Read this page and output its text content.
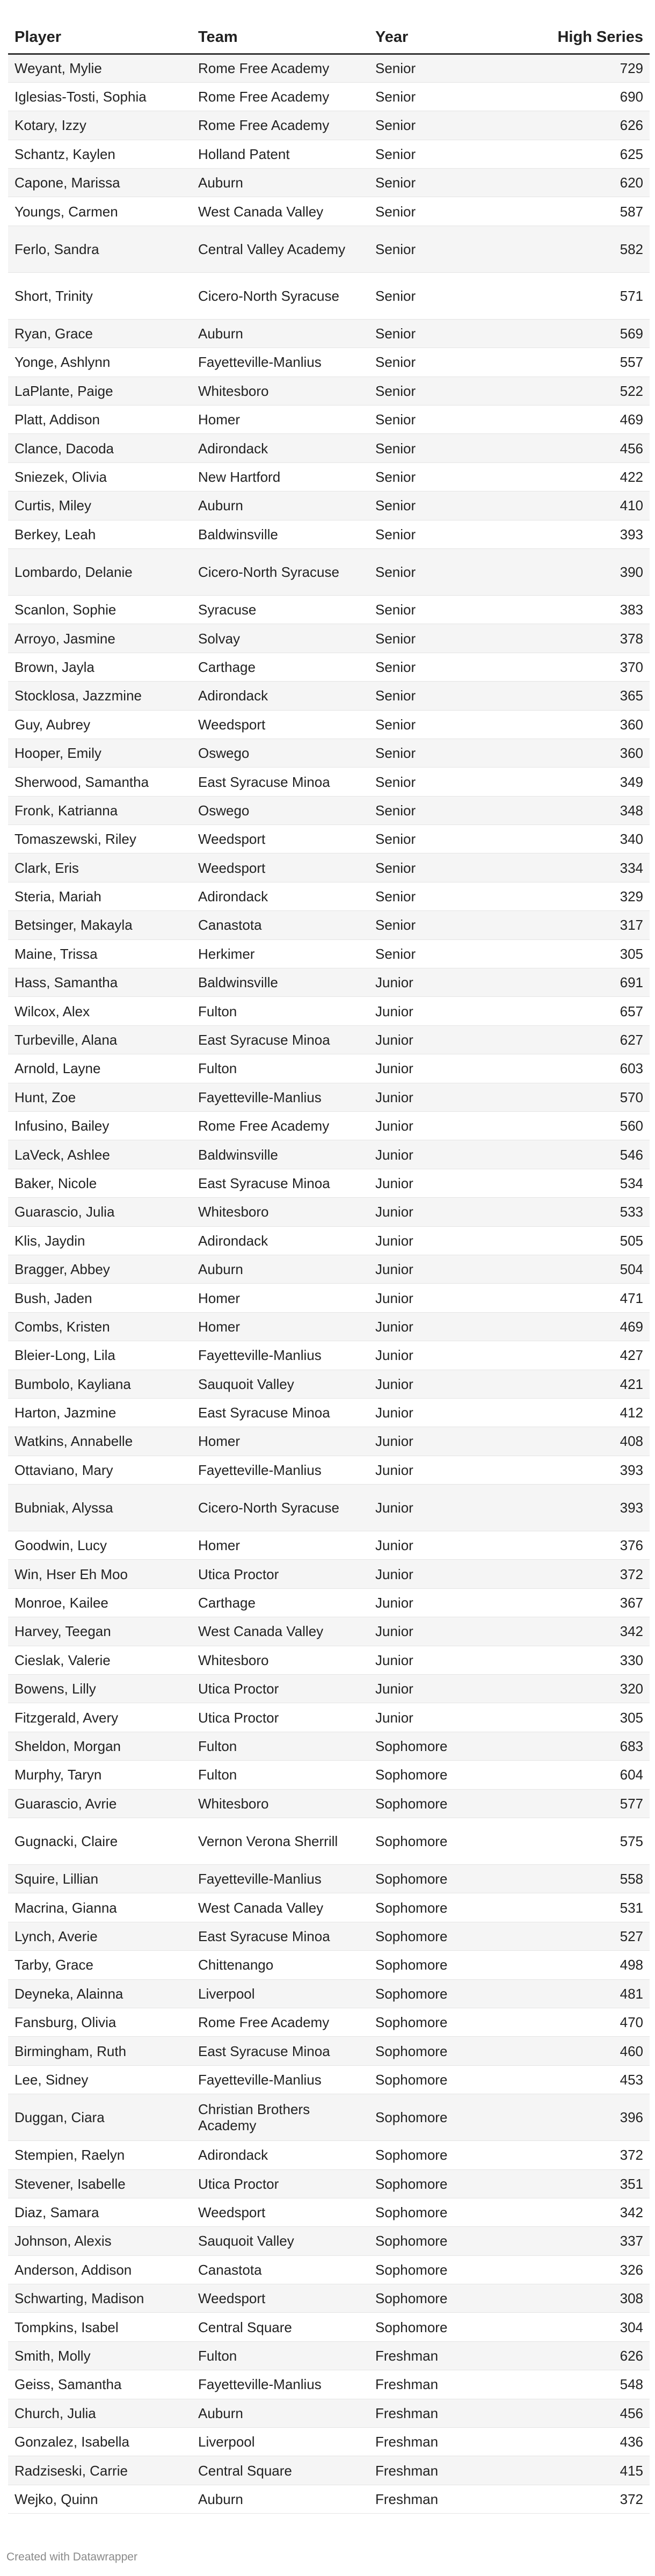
Player	Team	Year	High Series
Weyant, Mylie	Rome Free Academy	Senior	729
Iglesias-Tosti, Sophia	Rome Free Academy	Senior	690
Kotary, Izzy	Rome Free Academy	Senior	626
Schantz, Kaylen	Holland Patent	Senior	625
Capone, Marissa	Auburn	Senior	620
Youngs, Carmen	West Canada Valley	Senior	587
Ferlo, Sandra	Central Valley Academy	Senior	582
Short, Trinity	Cicero-North Syracuse	Senior	571
Ryan, Grace	Auburn	Senior	569
Yonge, Ashlynn	Fayetteville-Manlius	Senior	557
LaPlante, Paige	Whitesboro	Senior	522
Platt, Addison	Homer	Senior	469
Clance, Dacoda	Adirondack	Senior	456
Sniezek, Olivia	New Hartford	Senior	422
Curtis, Miley	Auburn	Senior	410
Berkey, Leah	Baldwinsville	Senior	393
Lombardo, Delanie	Cicero-North Syracuse	Senior	390
Scanlon, Sophie	Syracuse	Senior	383
Arroyo, Jasmine	Solvay	Senior	378
Brown, Jayla	Carthage	Senior	370
Stocklosa, Jazzmine	Adirondack	Senior	365
Guy, Aubrey	Weedsport	Senior	360
Hooper, Emily	Oswego	Senior	360
Sherwood, Samantha	East Syracuse Minoa	Senior	349
Fronk, Katrianna	Oswego	Senior	348
Tomaszewski, Riley	Weedsport	Senior	340
Clark, Eris	Weedsport	Senior	334
Steria, Mariah	Adirondack	Senior	329
Betsinger, Makayla	Canastota	Senior	317
Maine, Trissa	Herkimer	Senior	305
Hass, Samantha	Baldwinsville	Junior	691
Wilcox, Alex	Fulton	Junior	657
Turbeville, Alana	East Syracuse Minoa	Junior	627
Arnold, Layne	Fulton	Junior	603
Hunt, Zoe	Fayetteville-Manlius	Junior	570
Infusino, Bailey	Rome Free Academy	Junior	560
LaVeck, Ashlee	Baldwinsville	Junior	546
Baker, Nicole	East Syracuse Minoa	Junior	534
Guarascio, Julia	Whitesboro	Junior	533
Klis, Jaydin	Adirondack	Junior	505
Bragger, Abbey	Auburn	Junior	504
Bush, Jaden	Homer	Junior	471
Combs, Kristen	Homer	Junior	469
Bleier-Long, Lila	Fayetteville-Manlius	Junior	427
Bumbolo, Kayliana	Sauquoit Valley	Junior	421
Harton, Jazmine	East Syracuse Minoa	Junior	412
Watkins, Annabelle	Homer	Junior	408
Ottaviano, Mary	Fayetteville-Manlius	Junior	393
Bubniak, Alyssa	Cicero-North Syracuse	Junior	393
Goodwin, Lucy	Homer	Junior	376
Win, Hser Eh Moo	Utica Proctor	Junior	372
Monroe, Kailee	Carthage	Junior	367
Harvey, Teegan	West Canada Valley	Junior	342
Cieslak, Valerie	Whitesboro	Junior	330
Bowens, Lilly	Utica Proctor	Junior	320
Fitzgerald, Avery	Utica Proctor	Junior	305
Sheldon, Morgan	Fulton	Sophomore	683
Murphy, Taryn	Fulton	Sophomore	604
Guarascio, Avrie	Whitesboro	Sophomore	577
Gugnacki, Claire	Vernon Verona Sherrill	Sophomore	575
Squire, Lillian	Fayetteville-Manlius	Sophomore	558
Macrina, Gianna	West Canada Valley	Sophomore	531
Lynch, Averie	East Syracuse Minoa	Sophomore	527
Tarby, Grace	Chittenango	Sophomore	498
Deyneka, Alainna	Liverpool	Sophomore	481
Fansburg, Olivia	Rome Free Academy	Sophomore	470
Birmingham, Ruth	East Syracuse Minoa	Sophomore	460
Lee, Sidney	Fayetteville-Manlius	Sophomore	453
Duggan, Ciara	Christian Brothers Academy	Sophomore	396
Stempien, Raelyn	Adirondack	Sophomore	372
Stevener, Isabelle	Utica Proctor	Sophomore	351
Diaz, Samara	Weedsport	Sophomore	342
Johnson, Alexis	Sauquoit Valley	Sophomore	337
Anderson, Addison	Canastota	Sophomore	326
Schwarting, Madison	Weedsport	Sophomore	308
Tompkins, Isabel	Central Square	Sophomore	304
Smith, Molly	Fulton	Freshman	626
Geiss, Samantha	Fayetteville-Manlius	Freshman	548
Church, Julia	Auburn	Freshman	456
Gonzalez, Isabella	Liverpool	Freshman	436
Radziseski, Carrie	Central Square	Freshman	415
Wejko, Quinn	Auburn	Freshman	372
Created with Datawrapper
